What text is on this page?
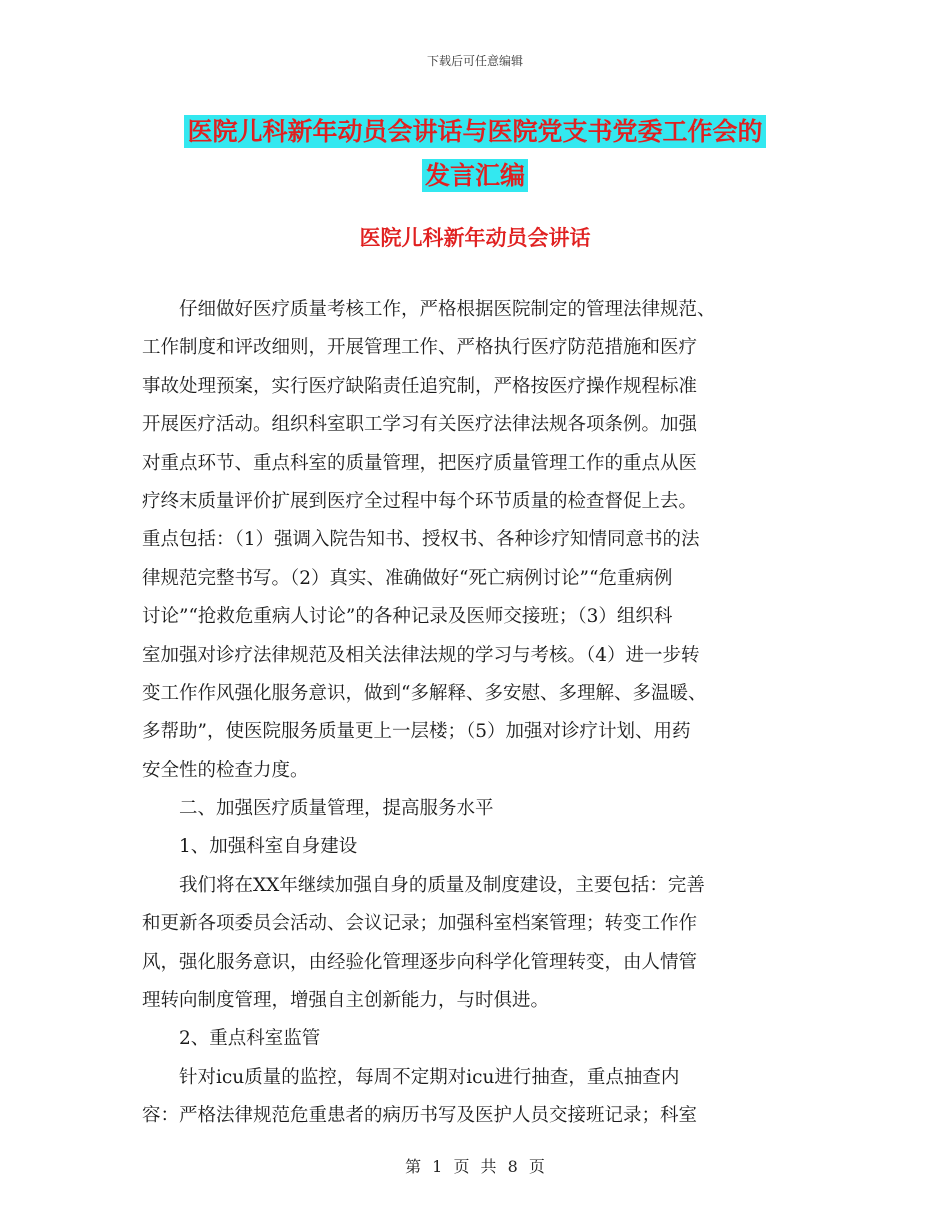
下载后可任意编辑
医院儿科新年动员会讲话与医院党支书党委工作会的
发言汇编
医院儿科新年动员会讲话
　　仔细做好医疗质量考核工作，严格根据医院制定的管理法律规范、
工作制度和评改细则，开展管理工作、严格执行医疗防范措施和医疗
事故处理预案，实行医疗缺陷责任追究制，严格按医疗操作规程标准
开展医疗活动。组织科室职工学习有关医疗法律法规各项条例。加强
对重点环节、重点科室的质量管理，把医疗质量管理工作的重点从医
疗终末质量评价扩展到医疗全过程中每个环节质量的检查督促上去。
重点包括：（1）强调入院告知书、授权书、各种诊疗知情同意书的法
律规范完整书写。（2）真实、准确做好“死亡病例讨论”“危重病例
讨论”“抢救危重病人讨论”的各种记录及医师交接班；（3）组织科
室加强对诊疗法律规范及相关法律法规的学习与考核。（4）进一步转
变工作作风强化服务意识，做到“多解释、多安慰、多理解、多温暖、
多帮助”，使医院服务质量更上一层楼；（5）加强对诊疗计划、用药
安全性的检查力度。
　　二、加强医疗质量管理，提高服务水平
　　1、加强科室自身建设
　　我们将在XX年继续加强自身的质量及制度建设，主要包括：完善
和更新各项委员会活动、会议记录；加强科室档案管理；转变工作作
风，强化服务意识，由经验化管理逐步向科学化管理转变，由人情管
理转向制度管理，增强自主创新能力，与时俱进。
　　2、重点科室监管
　　针对icu质量的监控，每周不定期对icu进行抽查，重点抽查内
容：严格法律规范危重患者的病历书写及医护人员交接班记录；科室
第 1 页 共 8 页
